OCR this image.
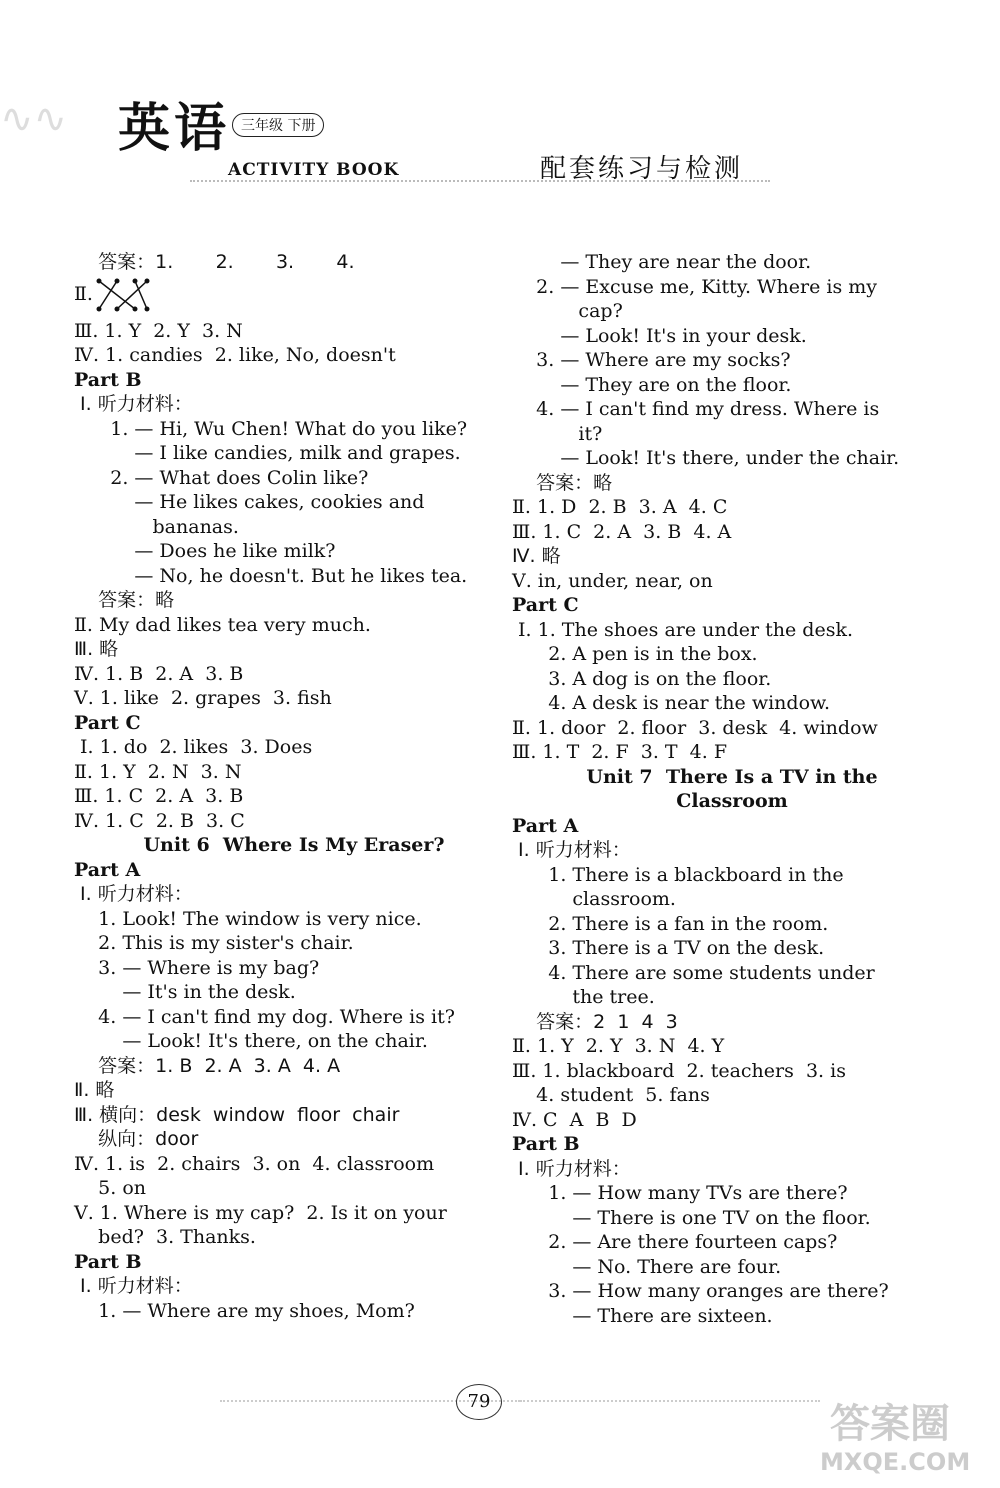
∿∿ 英语 三年级 下册
ACTIVITY BOOK	配套练习与检测
答案：1.       2.       3.       4.
Ⅱ.
Ⅲ. 1. Y  2. Y  3. N
Ⅳ. 1. candies  2. like, No, doesn't
Part B
Ⅰ. 听力材料：
1. — Hi, Wu Chen! What do you like?
— I like candies, milk and grapes.
2. — What does Colin like?
— He likes cakes, cookies and
bananas.
— Does he like milk?
— No, he doesn't. But he likes tea.
答案：略
Ⅱ. My dad likes tea very much.
Ⅲ. 略
Ⅳ. 1. B  2. A  3. B
Ⅴ. 1. like  2. grapes  3. fish
Part C
Ⅰ. 1. do  2. likes  3. Does
Ⅱ. 1. Y  2. N  3. N
Ⅲ. 1. C  2. A  3. B
Ⅳ. 1. C  2. B  3. C
Unit 6  Where Is My Eraser?
Part A
Ⅰ. 听力材料：
1. Look! The window is very nice.
2. This is my sister's chair.
3. — Where is my bag?
— It's in the desk.
4. — I can't find my dog. Where is it?
— Look! It's there, on the chair.
答案：1. B  2. A  3. A  4. A
Ⅱ. 略
Ⅲ. 横向：desk  window  floor  chair
纵向：door
Ⅳ. 1. is  2. chairs  3. on  4. classroom
5. on
Ⅴ. 1. Where is my cap?  2. Is it on your
bed?  3. Thanks.
Part B
Ⅰ. 听力材料：
1. — Where are my shoes, Mom?
— They are near the door.
2. — Excuse me, Kitty. Where is my
cap?
— Look! It's in your desk.
3. — Where are my socks?
— They are on the floor.
4. — I can't find my dress. Where is
it?
— Look! It's there, under the chair.
答案：略
Ⅱ. 1. D  2. B  3. A  4. C
Ⅲ. 1. C  2. A  3. B  4. A
Ⅳ. 略
Ⅴ. in, under, near, on
Part C
Ⅰ. 1. The shoes are under the desk.
2. A pen is in the box.
3. A dog is on the floor.
4. A desk is near the window.
Ⅱ. 1. door  2. floor  3. desk  4. window
Ⅲ. 1. T  2. F  3. T  4. F
Unit 7  There Is a TV in the
Classroom
Part A
Ⅰ. 听力材料：
1. There is a blackboard in the
classroom.
2. There is a fan in the room.
3. There is a TV on the desk.
4. There are some students under
the tree.
答案：2  1  4  3
Ⅱ. 1. Y  2. Y  3. N  4. Y
Ⅲ. 1. blackboard  2. teachers  3. is
4. student  5. fans
Ⅳ. C  A  B  D
Part B
Ⅰ. 听力材料：
1. — How many TVs are there?
— There is one TV on the floor.
2. — Are there fourteen caps?
— No. There are four.
3. — How many oranges are there?
— There are sixteen.
79	答案圈
MXQE.COM
